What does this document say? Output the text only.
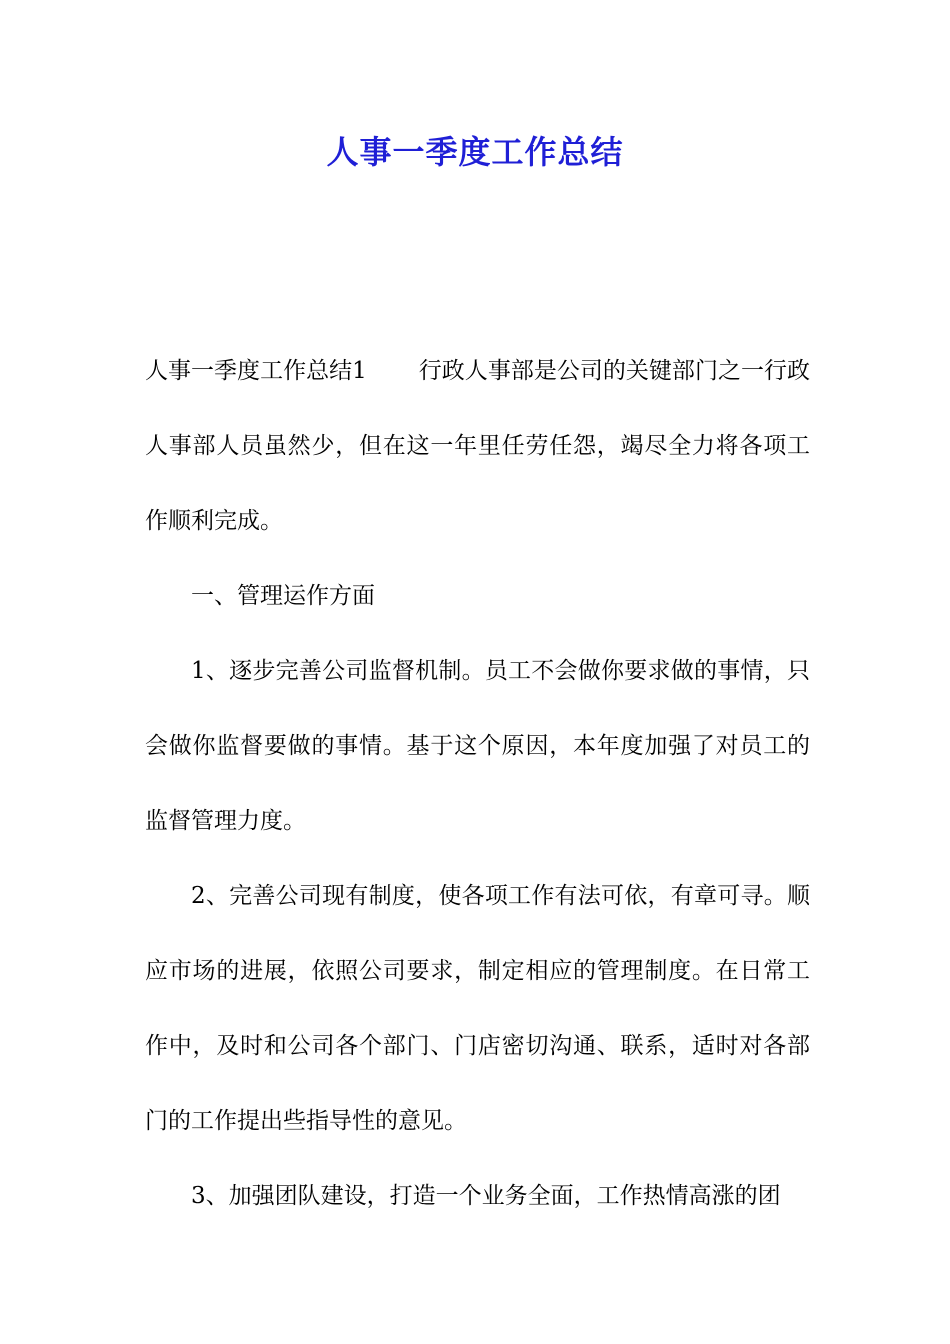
人事一季度工作总结

人事一季度工作总结1 行政人事部是公司的关键部门之一行政人事部人员虽然少，但在这一年里任劳任怨，竭尽全力将各项工作顺利完成。

一、管理运作方面

1、逐步完善公司监督机制。员工不会做你要求做的事情，只会做你监督要做的事情。基于这个原因，本年度加强了对员工的监督管理力度。

2、完善公司现有制度，使各项工作有法可依，有章可寻。顺应市场的进展，依照公司要求，制定相应的管理制度。在日常工作中，及时和公司各个部门、门店密切沟通、联系，适时对各部门的工作提出些指导性的意见。

3、加强团队建设，打造一个业务全面，工作热情高涨的团
